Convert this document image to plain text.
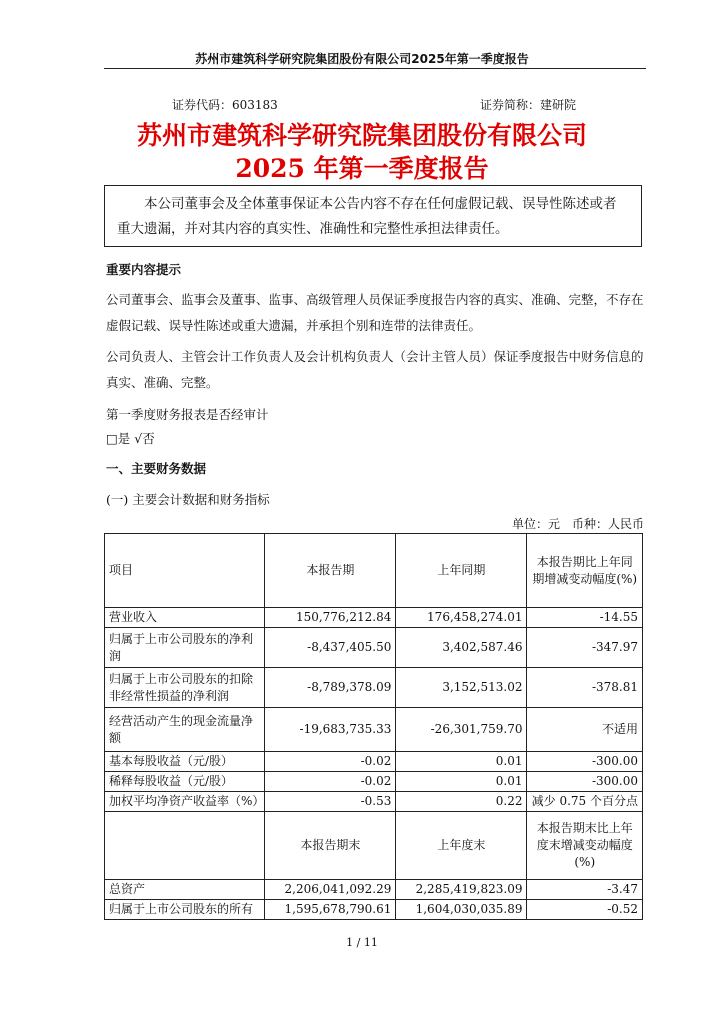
苏州市建筑科学研究院集团股份有限公司2025年第一季度报告
证券代码：603183	证券简称：建研院
苏州市建筑科学研究院集团股份有限公司
2025 年第一季度报告
本公司董事会及全体董事保证本公告内容不存在任何虚假记载、误导性陈述或者重大遗漏，并对其内容的真实性、准确性和完整性承担法律责任。
重要内容提示
公司董事会、监事会及董事、监事、高级管理人员保证季度报告内容的真实、准确、完整，不存在虚假记载、误导性陈述或重大遗漏，并承担个别和连带的法律责任。
公司负责人、主管会计工作负责人及会计机构负责人（会计主管人员）保证季度报告中财务信息的真实、准确、完整。
第一季度财务报表是否经审计
□是 √否
一、主要财务数据
(一) 主要会计数据和财务指标
单位：元　币种：人民币
项目	本报告期	上年同期	本报告期比上年同期增减变动幅度(%)
营业收入	150,776,212.84	176,458,274.01	-14.55
归属于上市公司股东的净利润	-8,437,405.50	3,402,587.46	-347.97
归属于上市公司股东的扣除非经常性损益的净利润	-8,789,378.09	3,152,513.02	-378.81
经营活动产生的现金流量净额	-19,683,735.33	-26,301,759.70	不适用
基本每股收益（元/股）	-0.02	0.01	-300.00
稀释每股收益（元/股）	-0.02	0.01	-300.00
加权平均净资产收益率（%）	-0.53	0.22	减少 0.75 个百分点
	本报告期末	上年度末	本报告期末比上年度末增减变动幅度(%)
总资产	2,206,041,092.29	2,285,419,823.09	-3.47
归属于上市公司股东的所有	1,595,678,790.61	1,604,030,035.89	-0.52
1 / 11
